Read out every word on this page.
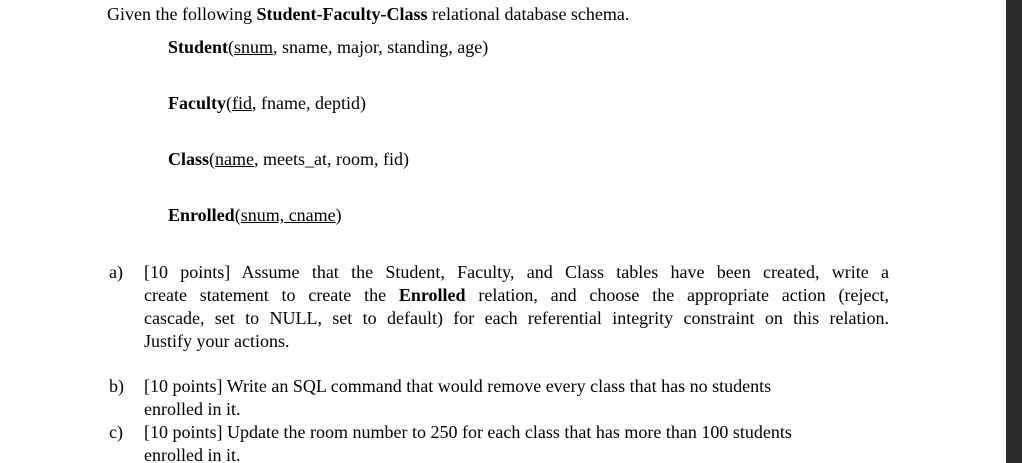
Given the following Student-Faculty-Class relational database schema.
Student(snum, sname, major, standing, age)
Faculty(fid, fname, deptid)
Class(name, meets_at, room, fid)
Enrolled(snum, cname)
a) [10 points] Assume that the Student, Faculty, and Class tables have been created, write a
create statement to create the Enrolled relation, and choose the appropriate action (reject,
cascade, set to NULL, set to default) for each referential integrity constraint on this relation.
Justify your actions.
b) [10 points] Write an SQL command that would remove every class that has no students
enrolled in it.
c) [10 points] Update the room number to 250 for each class that has more than 100 students
enrolled in it.
